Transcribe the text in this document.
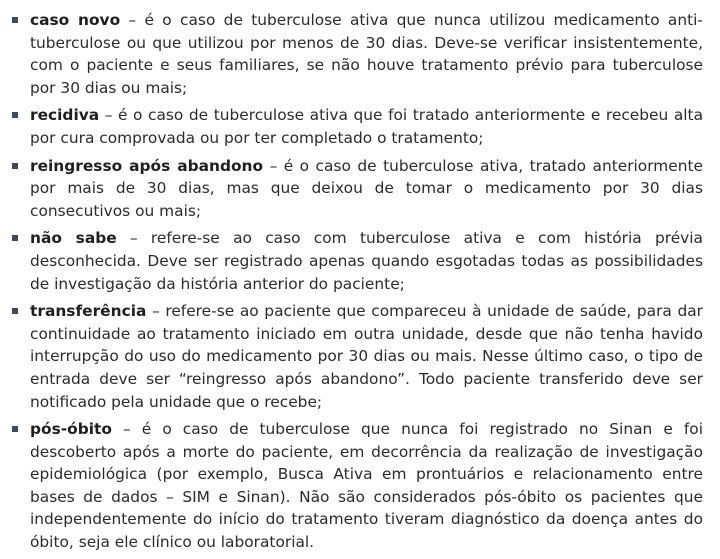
caso novo – é o caso de tuberculose ativa que nunca utilizou medicamento anti-tuberculose ou que utilizou por menos de 30 dias. Deve-se verificar insistentemente, com o paciente e seus familiares, se não houve tratamento prévio para tuberculose por 30 dias ou mais;
recidiva – é o caso de tuberculose ativa que foi tratado anteriormente e recebeu alta por cura comprovada ou por ter completado o tratamento;
reingresso após abandono – é o caso de tuberculose ativa, tratado anteriormente por mais de 30 dias, mas que deixou de tomar o medicamento por 30 dias consecutivos ou mais;
não sabe – refere-se ao caso com tuberculose ativa e com história prévia desconhecida. Deve ser registrado apenas quando esgotadas todas as possibilidades de investigação da história anterior do paciente;
transferência – refere-se ao paciente que compareceu à unidade de saúde, para dar continuidade ao tratamento iniciado em outra unidade, desde que não tenha havido interrupção do uso do medicamento por 30 dias ou mais. Nesse último caso, o tipo de entrada deve ser “reingresso após abandono”. Todo paciente transferido deve ser notificado pela unidade que o recebe;
pós-óbito – é o caso de tuberculose que nunca foi registrado no Sinan e foi descoberto após a morte do paciente, em decorrência da realização de investigação epidemiológica (por exemplo, Busca Ativa em prontuários e relacionamento entre bases de dados – SIM e Sinan). Não são considerados pós-óbito os pacientes que independentemente do início do tratamento tiveram diagnóstico da doença antes do óbito, seja ele clínico ou laboratorial.
